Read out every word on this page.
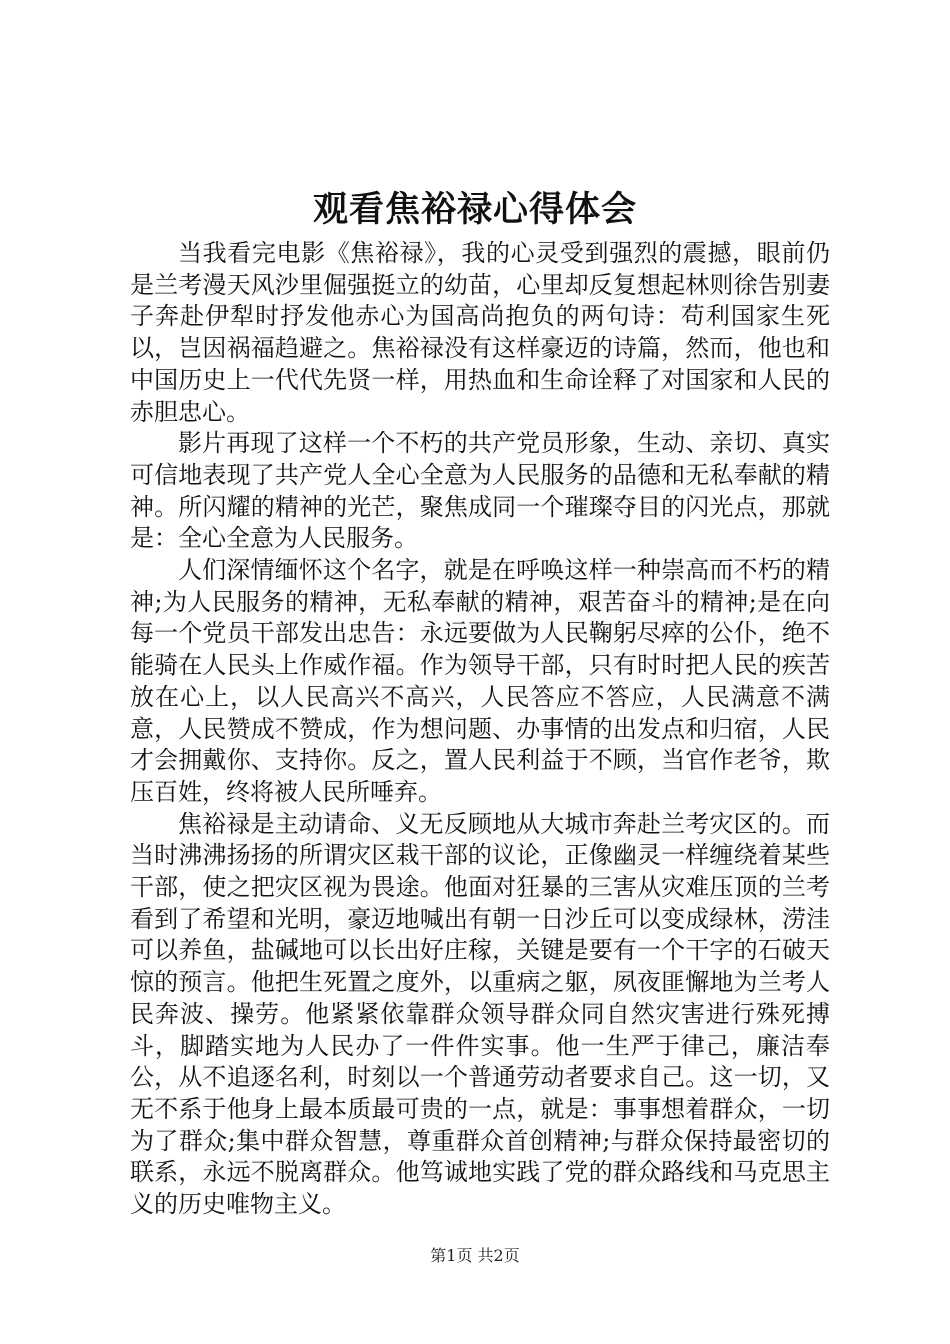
观看焦裕禄心得体会

当我看完电影《焦裕禄》，我的心灵受到强烈的震撼，眼前仍是兰考漫天风沙里倔强挺立的幼苗，心里却反复想起林则徐告别妻子奔赴伊犁时抒发他赤心为国高尚抱负的两句诗：苟利国家生死以，岂因祸福趋避之。焦裕禄没有这样豪迈的诗篇，然而，他也和中国历史上一代代先贤一样，用热血和生命诠释了对国家和人民的赤胆忠心。

影片再现了这样一个不朽的共产党员形象，生动、亲切、真实可信地表现了共产党人全心全意为人民服务的品德和无私奉献的精神。所闪耀的精神的光芒，聚焦成同一个璀璨夺目的闪光点，那就是：全心全意为人民服务。

人们深情缅怀这个名字，就是在呼唤这样一种崇高而不朽的精神;为人民服务的精神，无私奉献的精神，艰苦奋斗的精神;是在向每一个党员干部发出忠告：永远要做为人民鞠躬尽瘁的公仆，绝不能骑在人民头上作威作福。作为领导干部，只有时时把人民的疾苦放在心上，以人民高兴不高兴，人民答应不答应，人民满意不满意，人民赞成不赞成，作为想问题、办事情的出发点和归宿，人民才会拥戴你、支持你。反之，置人民利益于不顾，当官作老爷，欺压百姓，终将被人民所唾弃。

焦裕禄是主动请命、义无反顾地从大城市奔赴兰考灾区的。而当时沸沸扬扬的所谓灾区栽干部的议论，正像幽灵一样缠绕着某些干部，使之把灾区视为畏途。他面对狂暴的三害从灾难压顶的兰考看到了希望和光明，豪迈地喊出有朝一日沙丘可以变成绿林，涝洼可以养鱼，盐碱地可以长出好庄稼，关键是要有一个干字的石破天惊的预言。他把生死置之度外，以重病之躯，夙夜匪懈地为兰考人民奔波、操劳。他紧紧依靠群众领导群众同自然灾害进行殊死搏斗，脚踏实地为人民办了一件件实事。他一生严于律己，廉洁奉公，从不追逐名利，时刻以一个普通劳动者要求自己。这一切，又无不系于他身上最本质最可贵的一点，就是：事事想着群众，一切为了群众;集中群众智慧，尊重群众首创精神;与群众保持最密切的联系，永远不脱离群众。他笃诚地实践了党的群众路线和马克思主义的历史唯物主义。

第1页 共2页
